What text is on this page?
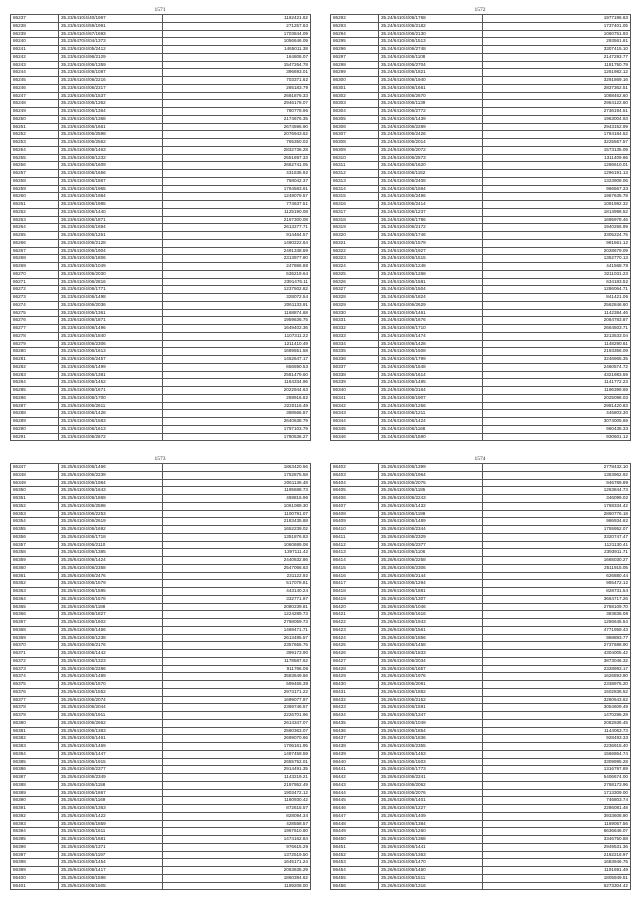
1571
86237	35.23/6410/4/40/1967	1162421.62
86238	35.23/6410/4/59/1991	271257.63
86239	35.23/6410/4/67/1693	1703844.09
86240	35.23/6470/4/04/1373	1056646.09
86241	35.23/6410/4/05/2412	1465011.38
86242	35.23/6410/4/96/2129	164806.07
86243	35.23/6410/4/06/1359	1547264.78
86244	35.23/6410/4/06/1087	396693.01
86245	35.23/6410/4/06/2216	703371.62
86246	35.23/6410/4/06/2317	265183.79
86247	35.23/6410/4/06/1537	2691876.33
86248	35.23/6410/4/06/1362	2946178.07
86249	35.23/6410/4/06/1364	780778.96
86250	35.23/6410/4/06/1368	2174676.35
86251	35.23/6410/4/06/1661	2674596.90
86252	35.23/6410/4/06/2598	2076943.62
86253	35.23/6410/4/06/2562	765350.02
86254	35.23/6410/4/06/1463	2832736.28
86255	35.23/6410/4/06/1232	2551697.33
86256	35.23/6410/4/06/1609	2662741.05
86257	35.23/6410/4/06/1656	431535.92
86258	35.23/6410/4/06/1867	768042.37
86259	35.23/6410/4/06/1965	1764583.61
86260	35.23/6410/4/06/1984	1249079.57
86261	35.23/6410/4/06/1985	774637.51
86262	35.23/6410/4/06/1440	1125190.08
86263	35.23/6410/4/06/1871	2167300.08
86264	35.23/6410/4/06/1694	2613277.71
86265	35.23/6410/4/06/1261	914464.57
86266	35.23/6410/4/06/2128	1490222.64
86267	35.23/6410/4/06/1904	2491348.59
86268	35.23/6410/4/06/1806	2313977.80
86269	35.23/6410/4/06/1049	247866.88
86270	35.23/6410/4/06/2030	536219.64
86271	35.23/6410/4/06/2816	2391476.11
86272	35.23/6410/4/06/1771	1237502.82
86273	35.23/6410/4/06/1498	328072.54
86274	35.23/6410/4/06/2036	2061133.91
86275	35.23/6410/4/06/1361	1168874.68
86276	35.23/6410/4/06/1871	1959636.75
86277	35.23/6410/4/06/1496	1649402.36
86278	35.23/6410/4/06/1840	1107311.22
86279	35.23/6410/4/06/2306	1211410.49
86280	35.23/6410/4/06/1613	1689551.58
86281	35.23/6410/4/06/2457	1452647.17
86282	35.23/6410/4/06/1499	656590.53
86283	35.23/6410/4/06/1381	2581479.60
86284	35.23/6410/4/06/1452	1184334.96
86285	35.23/6410/4/06/1671	2022944.63
86286	35.23/6410/4/06/1700	259916.82
86287	35.23/6410/4/06/2611	2220116.49
86288	35.23/6410/4/06/1428	398566.87
86289	35.23/6410/4/06/1583	2640638.79
86290	35.23/6410/4/06/1613	1797103.79
86291	35.23/6410/4/06/2672	1780536.27
1572
86292	35.24/6410/4/06/1768	1977196.63
86293	35.24/6410/4/06/2182	1737401.05
86294	35.24/6410/4/06/2130	1060751.93
86295	35.24/6410/4/06/1513	293561.81
86296	35.24/6410/4/06/2748	3307415.10
86297	35.24/6410/4/06/1108	2147293.77
86298	35.24/6410/4/06/2704	1181750.79
86299	35.24/6410/4/06/1821	1261982.12
86300	35.24/6410/4/06/1940	3291869.16
86301	35.24/6410/4/06/1661	2837362.51
86302	35.24/6410/4/06/2670	1088462.60
86303	35.24/6410/4/06/1139	2964122.60
86304	35.24/6410/4/06/2772	2736194.51
86305	35.24/6410/4/06/1439	1963004.93
86306	35.24/6410/4/06/2289	2943152.99
86307	35.24/6410/4/06/2426	1784184.52
86308	35.24/6410/4/06/2014	3225567.57
86309	35.24/6410/4/06/2072	1573135.09
86310	35.24/6410/4/06/2573	1311409.66
86311	35.24/6410/4/06/1620	1286610.01
86312	35.24/6410/4/06/1152	1296191.13
86313	35.24/6410/4/06/2408	1323908.06
86314	35.24/6410/4/06/1594	966567.33
86315	35.24/6410/4/06/2496	1967635.78
86316	35.24/6410/4/06/2414	1091982.32
86317	35.24/6410/4/06/1237	1814998.52
86318	35.24/6410/4/06/1786	1695978.46
86319	35.24/6410/4/06/2172	1940256.99
86320	35.24/6410/4/06/1746	3305224.75
86321	35.24/6410/4/06/1579	981561.12
86322	35.24/6410/4/06/1927	2028679.09
86323	35.24/6410/4/06/1515	1352770.13
86324	35.24/6410/4/06/1248	441568.78
86325	35.24/6410/4/06/1268	3211031.23
86326	35.24/6410/4/06/1581	634183.52
86327	35.24/6410/4/06/1504	1286064.71
86328	35.24/6410/4/06/1824	841421.06
86329	35.24/6410/4/06/2629	2562846.60
86330	35.24/6410/4/06/1461	1142384.46
86331	35.24/6410/4/06/1676	2084783.87
86332	35.24/6410/4/06/1710	2664503.71
86333	35.24/6410/4/06/1474	3213533.04
86334	35.24/6410/4/06/1428	1148290.61
86335	35.24/6410/4/06/1508	2193356.09
86336	35.24/6410/4/06/1799	3246965.35
86337	35.24/6410/4/06/1548	2460574.72
86338	35.24/6410/4/06/1614	4321983.59
86339	35.24/6410/4/06/1485	1141772.23
86340	35.24/6410/4/06/2164	1196399.69
86341	35.24/6410/4/06/1907	2025098.03
86342	35.24/6410/4/06/1256	2981420.83
86343	35.24/6410/4/06/1211	445803.30
86344	35.24/6410/4/06/1424	3074005.69
86345	35.24/6410/4/06/1168	960435.33
86346	35.24/6410/4/06/1590	930601.12
1573
86347	35.25/6410/4/06/1466	1863420.56
86348	35.25/6410/4/06/2239	1752875.58
86349	35.25/6410/4/06/1984	2061136.48
86350	35.25/6410/4/06/1643	1195688.73
86351	35.25/6410/4/06/1869	459816.96
86352	35.25/6410/4/06/2598	1061089.30
86353	35.25/6410/4/06/2253	1100791.07
86354	35.25/6410/4/06/2619	2183435.88
86355	35.25/6410/4/06/1692	1652239.02
86356	35.25/6410/4/06/1718	1351876.83
86357	35.25/6410/4/06/2110	1060689.08
86358	35.25/6410/4/06/1385	1397111.42
86359	35.25/6410/4/06/1424	2440632.86
86360	35.25/6410/4/06/2358	2547066.63
86361	35.25/6410/4/06/2476	231122.92
86362	35.25/6410/4/06/1579	517078.81
86363	35.25/6410/4/06/1595	443140.24
86364	35.25/6410/4/06/1578	332771.97
86365	35.25/6410/4/06/1188	2080239.81
86366	35.25/6410/4/06/1827	1224289.73
86367	35.25/6410/4/06/1602	2788059.73
86368	35.25/6410/4/06/1466	1469471.71
86369	35.25/6410/4/06/1238	2613495.57
86370	35.25/6410/4/06/2176	2357655.75
86371	35.25/6410/4/06/1442	399173.90
86372	35.25/6410/4/06/1323	1178587.62
86373	35.25/6410/4/06/2286	911766.08
86374	35.25/6410/4/06/1489	3583649.66
86375	35.25/6410/4/06/1570	599465.39
86376	35.25/6410/4/06/1552	2973171.22
86377	35.25/6410/4/06/2074	1699077.97
86378	35.25/6410/4/06/2044	2369746.57
86379	35.25/6410/4/06/1911	2226701.96
86380	35.25/6410/4/06/2662	2614347.07
86381	35.25/6410/4/06/1383	2580363.07
86382	35.25/6410/4/06/1461	2699070.66
86383	35.25/6410/4/06/1469	1706161.95
86384	35.25/6410/4/06/1447	1497459.59
86385	35.25/6410/4/06/1915	2655752.01
86386	35.25/6410/4/06/2377	2914491.35
86387	35.25/6410/4/06/2349	1143219.21
86388	35.25/6410/4/06/1158	2197952.49
86389	35.25/6410/4/06/1867	1903472.12
86390	35.25/6410/4/06/1169	1160930.42
86391	35.25/6410/4/06/1363	872615.57
86392	35.25/6410/4/06/1422	828094.34
86393	35.25/6410/4/06/1859	428558.57
86394	35.25/6410/4/06/1611	1967610.80
86395	35.25/6410/4/06/1681	1474162.84
86396	35.25/6410/4/06/1371	976615.29
86397	35.25/6410/4/06/1197	1372519.50
86398	35.25/6410/4/06/1454	1645171.24
86399	35.25/6410/4/06/1417	2063635.29
86400	35.25/6410/4/06/1598	1860394.62
86401	35.25/6410/4/06/1505	1189208.00
1574
86402	35.26/6410/4/06/1399	2778432.10
86403	35.26/6410/4/06/1964	1363962.92
86404	35.26/6410/4/06/2075	946789.89
86405	35.26/6410/4/06/1185	1263844.73
86406	35.26/6410/4/06/2243	346099.02
86407	35.26/6410/4/06/1432	1768334.42
86408	35.26/6410/4/06/1199	2860776.18
86409	35.26/6410/4/06/1489	986934.62
86410	35.26/6410/4/06/2344	1755952.07
86411	35.26/6410/4/06/2329	3320747.47
86412	35.26/6410/4/06/2377	1121130.41
86413	35.26/6410/4/06/1106	2393911.71
86414	35.26/6410/4/06/2258	1665030.27
86415	35.26/6410/4/06/2306	2511915.05
86416	35.26/6410/4/06/2144	626880.44
86417	35.26/6410/4/06/1294	965472.12
86418	35.26/6410/4/06/1881	828731.54
86419	35.26/6410/4/06/1307	3664717.26
86420	35.26/6410/4/06/1046	2768109.70
86421	35.26/6410/4/06/1616	383836.08
86422	35.26/6410/4/06/1943	1256645.54
86423	35.26/6410/4/06/1561	4771959.43
86424	35.26/6410/4/06/1856	968893.77
86425	35.26/6410/4/06/1458	2737688.90
86426	35.26/6410/4/06/1833	4304005.42
86427	35.26/6410/4/06/2034	3873046.32
86428	35.26/6410/4/06/1657	2328993.17
86429	35.26/6410/4/06/1976	1626893.90
86430	35.26/6410/4/06/2081	2338975.20
86431	35.26/6410/4/06/1882	1502836.52
86432	35.26/6410/4/06/2152	3260643.62
86433	35.26/6410/4/06/1591	3054609.49
86434	35.26/6410/4/06/1347	1470286.28
86435	35.26/6410/4/06/1049	2082936.45
86436	35.26/6410/4/06/1854	1144063.73
86437	35.26/6410/4/06/1836	928493.33
86438	35.26/6410/4/06/2355	2236915.40
86439	35.26/6410/4/06/1453	1566864.74
86440	35.26/6410/4/06/1503	3309995.28
86441	35.26/6410/4/06/1773	1316797.89
86442	35.26/6410/4/06/2241	5406674.00
86443	35.26/6410/4/06/2062	2788173.96
86444	35.26/6410/4/06/2076	1713309.00
86445	35.26/6410/4/06/1401	746803.74
86446	35.26/6410/4/06/1227	2286081.48
86447	35.26/6410/4/06/1409	3933608.90
86448	35.26/6410/4/06/1384	1169057.56
86449	35.26/6410/4/06/1260	6636646.07
86450	35.26/6410/4/06/1368	3346750.88
86451	35.26/6410/4/06/1441	2949531.36
86452	35.26/6410/4/06/1363	2182216.97
86453	35.26/6410/4/06/1470	1683946.75
86454	35.26/6410/4/06/1460	1191691.49
86455	35.26/6410/4/06/1511	1805949.51
86456	35.26/6410/4/06/1316	6273304.42
